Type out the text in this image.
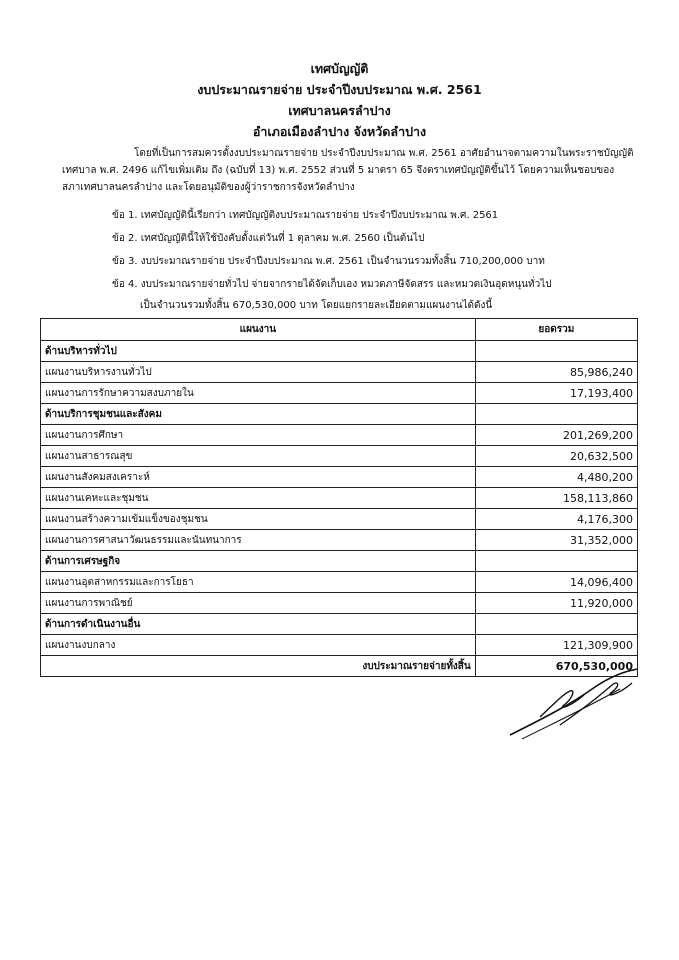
เทศบัญญัติ
งบประมาณรายจ่าย ประจำปีงบประมาณ พ.ศ. 2561
เทศบาลนครลำปาง
อำเภอเมืองลำปาง จังหวัดลำปาง

โดยที่เป็นการสมควรตั้งงบประมาณรายจ่าย ประจำปีงบประมาณ พ.ศ. 2561 อาศัยอำนาจตามความในพระราชบัญญัติ

เทศบาล พ.ศ. 2496 แก้ไขเพิ่มเติม ถึง (ฉบับที่ 13) พ.ศ. 2552 ส่วนที่ 5 มาตรา 65 จึงตราเทศบัญญัติขึ้นไว้ โดยความเห็นชอบของ

สภาเทศบาลนครลำปาง และโดยอนุมัติของผู้ว่าราชการจังหวัดลำปาง

ข้อ 1. เทศบัญญัตินี้เรียกว่า เทศบัญญัติงบประมาณรายจ่าย ประจำปีงบประมาณ พ.ศ. 2561
ข้อ 2. เทศบัญญัตินี้ให้ใช้บังคับตั้งแต่วันที่ 1 ตุลาคม พ.ศ. 2560 เป็นต้นไป
ข้อ 3. งบประมาณรายจ่าย ประจำปีงบประมาณ พ.ศ. 2561 เป็นจำนวนรวมทั้งสิ้น 710,200,000 บาท
ข้อ 4. งบประมาณรายจ่ายทั่วไป จ่ายจากรายได้จัดเก็บเอง หมวดภาษีจัดสรร และหมวดเงินอุดหนุนทั่วไป
เป็นจำนวนรวมทั้งสิ้น 670,530,000 บาท โดยแยกรายละเอียดตามแผนงานได้ดังนี้
แผนงาน	ยอดรวม
ด้านบริหารทั่วไป	
แผนงานบริหารงานทั่วไป	85,986,240
แผนงานการรักษาความสงบภายใน	17,193,400
ด้านบริการชุมชนและสังคม	
แผนงานการศึกษา	201,269,200
แผนงานสาธารณสุข	20,632,500
แผนงานสังคมสงเคราะห์	4,480,200
แผนงานเคหะและชุมชน	158,113,860
แผนงานสร้างความเข้มแข็งของชุมชน	4,176,300
แผนงานการศาสนาวัฒนธรรมและนันทนาการ	31,352,000
ด้านการเศรษฐกิจ	
แผนงานอุตสาหกรรมและการโยธา	14,096,400
แผนงานการพาณิชย์	11,920,000
ด้านการดำเนินงานอื่น	
แผนงานงบกลาง	121,309,900
งบประมาณรายจ่ายทั้งสิ้น	670,530,000
